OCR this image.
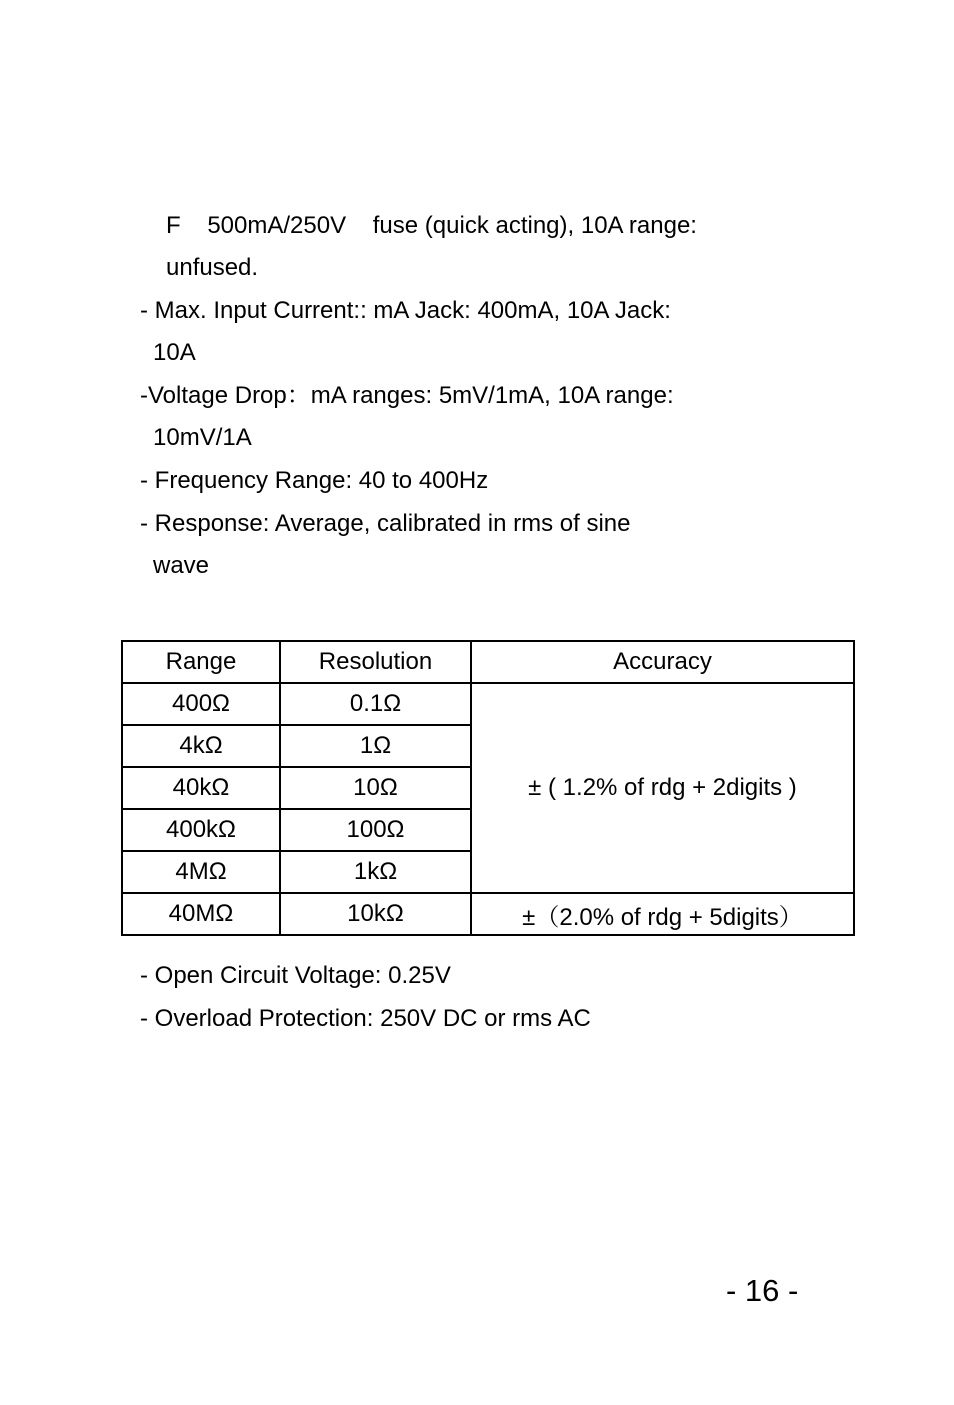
F    500mA/250V    fuse (quick acting), 10A range:
unfused.
- Max. Input Current:: mA Jack: 400mA, 10A Jack:
10A
-Voltage Drop：mA ranges: 5mV/1mA, 10A range:
10mV/1A
- Frequency Range: 40 to 400Hz
- Response: Average, calibrated in rms of sine
wave
Range	Resolution	Accuracy
400Ω	0.1Ω	± ( 1.2% of rdg + 2digits )
4kΩ	1Ω	
40kΩ	10Ω	
400kΩ	100Ω	
4MΩ	1kΩ	
40MΩ	10kΩ	±（2.0% of rdg + 5digits）
- Open Circuit Voltage: 0.25V
- Overload Protection: 250V DC or rms AC
- 16 -
